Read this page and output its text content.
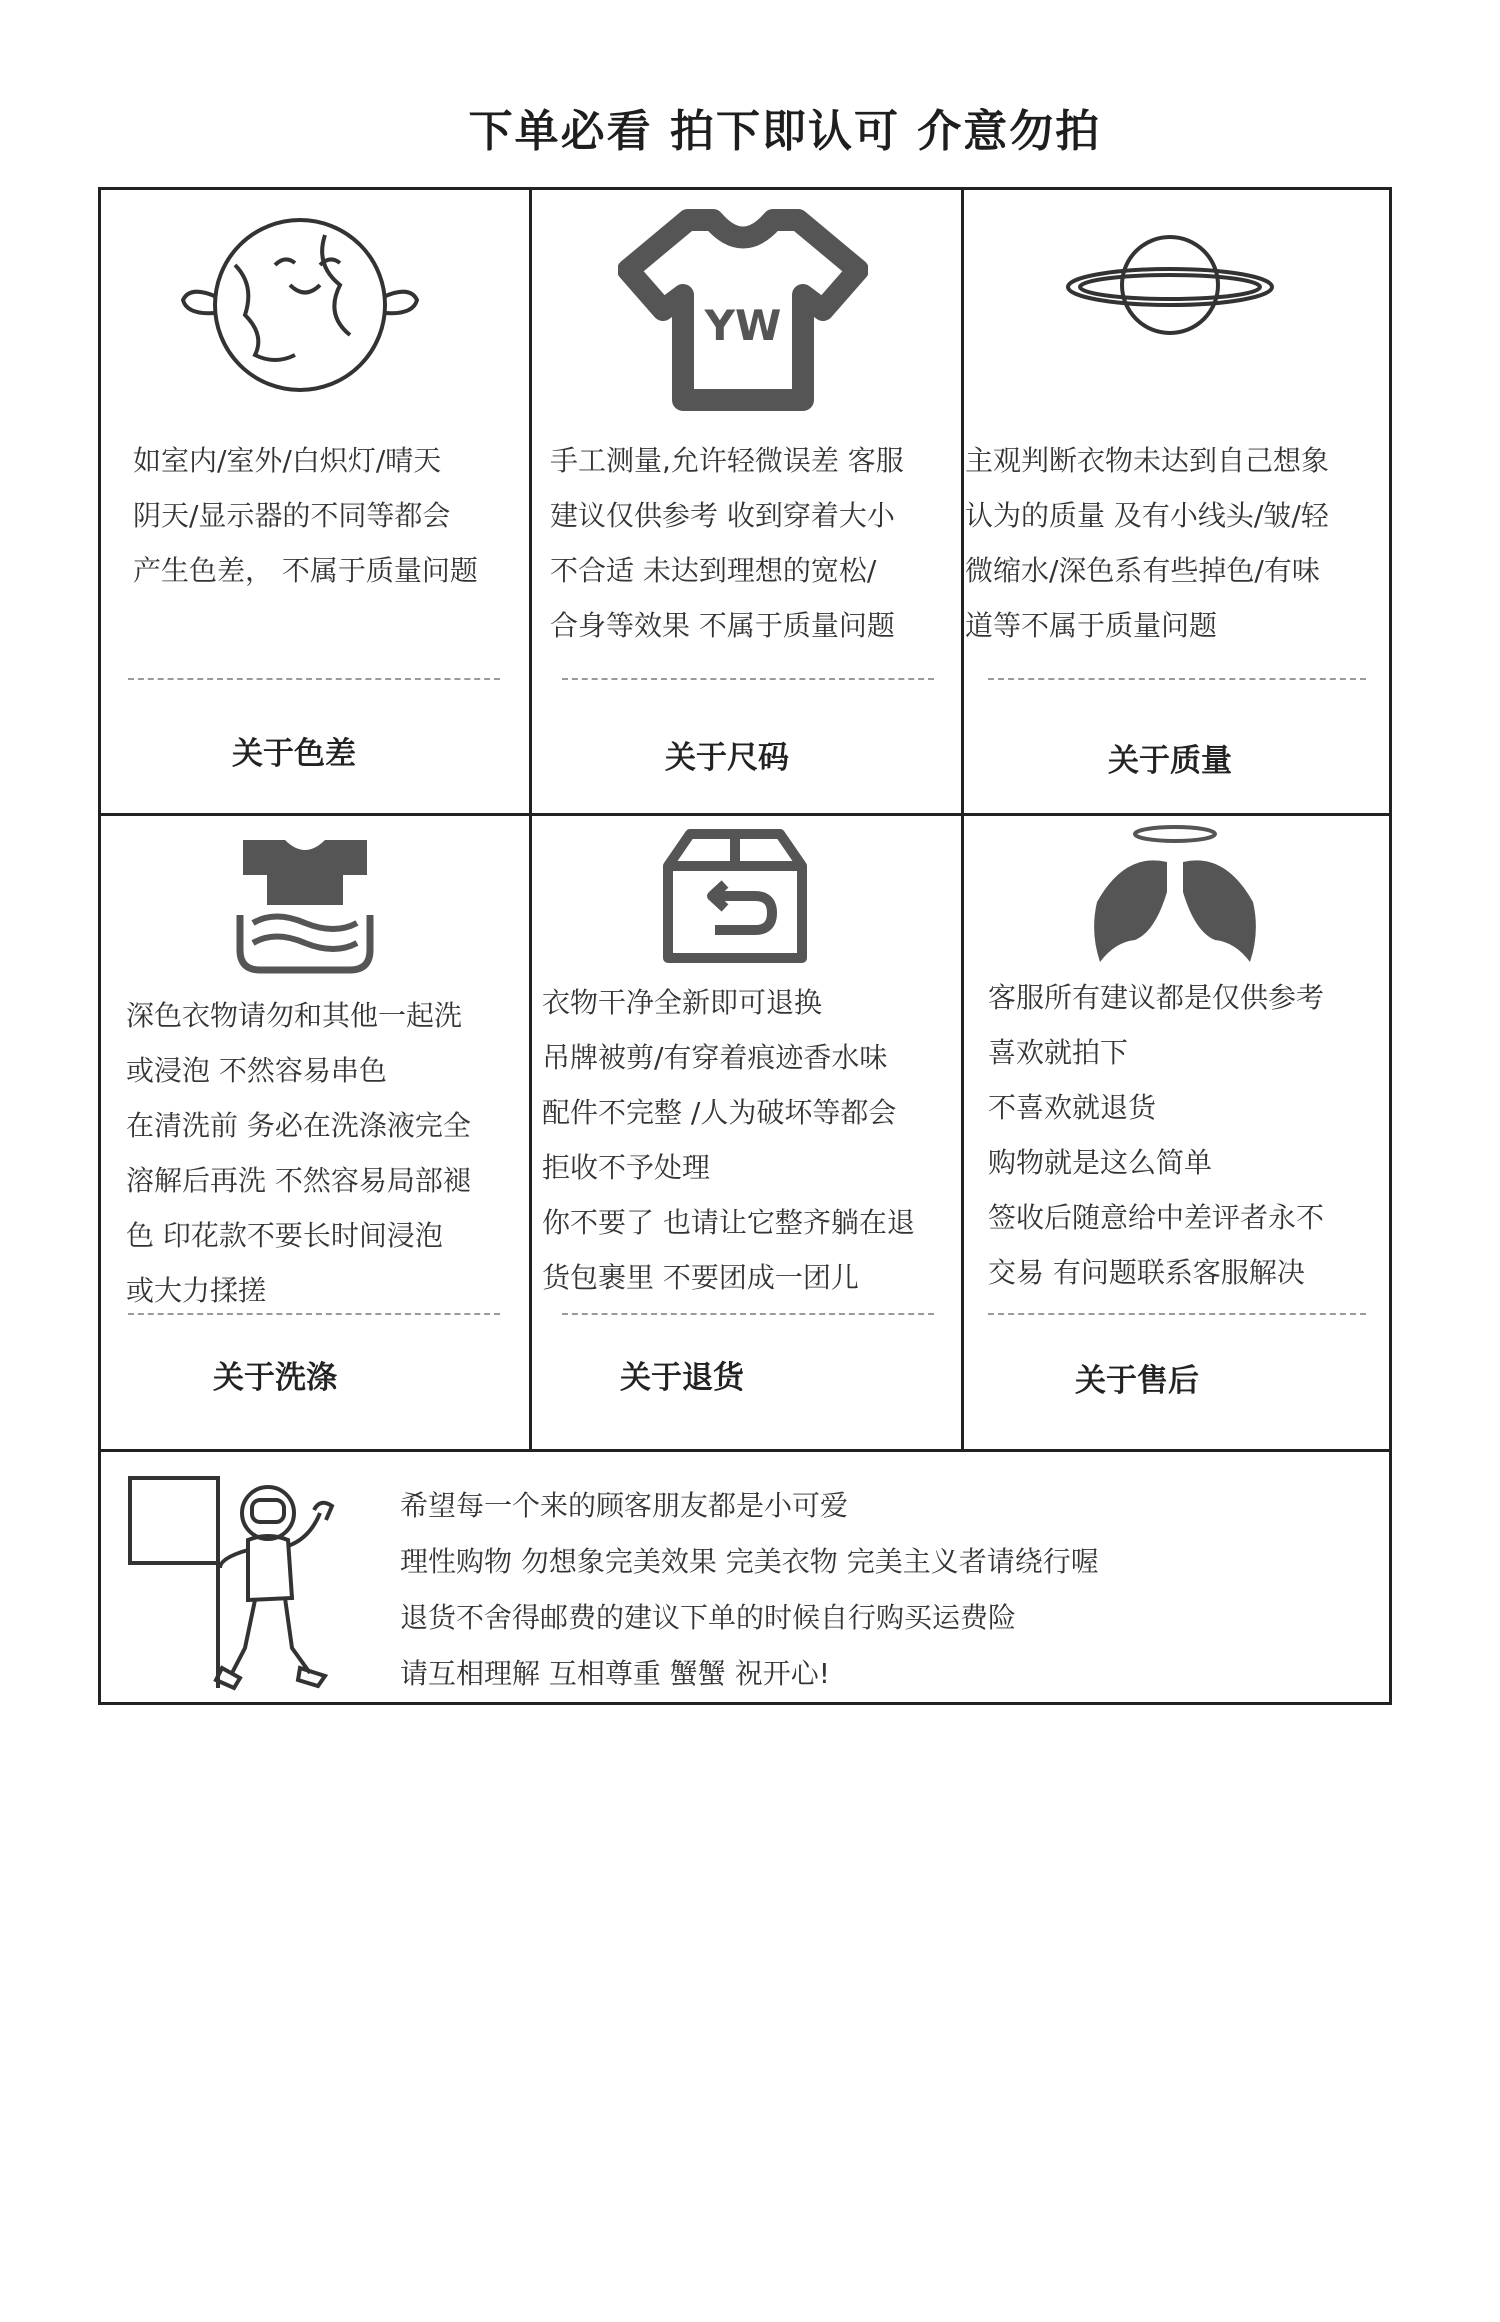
下单必看 拍下即认可 介意勿拍
如室内/室外/白炽灯/晴天
阴天/显示器的不同等都会
产生色差， 不属于质量问题
关于色差
YW
手工测量,允许轻微误差 客服
建议仅供参考 收到穿着大小
不合适 未达到理想的宽松/
合身等效果 不属于质量问题
关于尺码
主观判断衣物未达到自己想象
认为的质量 及有小线头/皱/轻
微缩水/深色系有些掉色/有味
道等不属于质量问题
关于质量
深色衣物请勿和其他一起洗
或浸泡 不然容易串色
在清洗前 务必在洗涤液完全
溶解后再洗 不然容易局部褪
色 印花款不要长时间浸泡
或大力揉搓
关于洗涤
衣物干净全新即可退换
吊牌被剪/有穿着痕迹香水味
配件不完整 /人为破坏等都会
拒收不予处理
你不要了 也请让它整齐躺在退
货包裹里 不要团成一团儿
关于退货
客服所有建议都是仅供参考
喜欢就拍下
不喜欢就退货
购物就是这么简单
签收后随意给中差评者永不
交易 有问题联系客服解决
关于售后
希望每一个来的顾客朋友都是小可爱
理性购物 勿想象完美效果 完美衣物 完美主义者请绕行喔
退货不舍得邮费的建议下单的时候自行购买运费险
请互相理解 互相尊重 蟹蟹 祝开心!
